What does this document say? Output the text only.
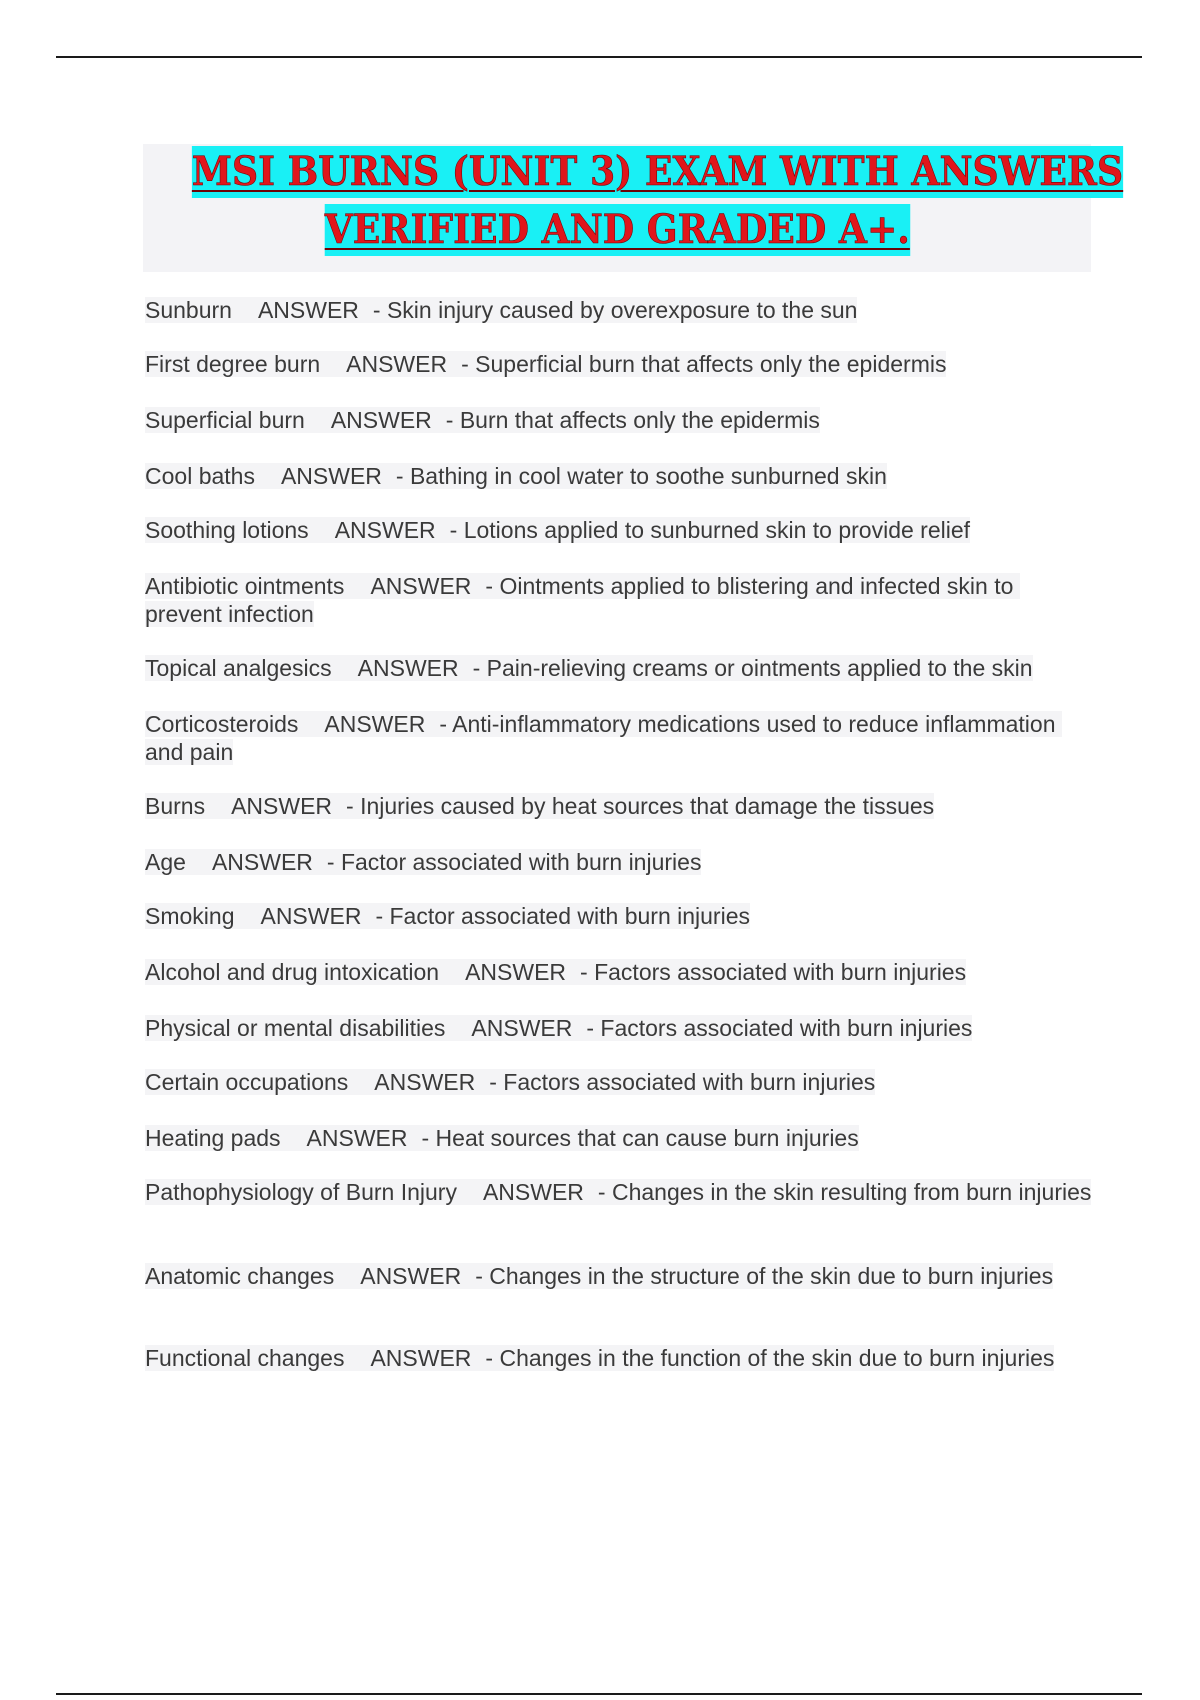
MSI BURNS (UNIT 3) EXAM WITH ANSWERS
VERIFIED AND GRADED A+.
Sunburn ANSWER - Skin injury caused by overexposure to the sun
First degree burn ANSWER - Superficial burn that affects only the epidermis
Superficial burn ANSWER - Burn that affects only the epidermis
Cool baths ANSWER - Bathing in cool water to soothe sunburned skin
Soothing lotions ANSWER - Lotions applied to sunburned skin to provide relief
Antibiotic ointments ANSWER - Ointments applied to blistering and infected skin to prevent infection
Topical analgesics ANSWER - Pain-relieving creams or ointments applied to the skin
Corticosteroids ANSWER - Anti-inflammatory medications used to reduce inflammation and pain
Burns ANSWER - Injuries caused by heat sources that damage the tissues
Age ANSWER - Factor associated with burn injuries
Smoking ANSWER - Factor associated with burn injuries
Alcohol and drug intoxication ANSWER - Factors associated with burn injuries
Physical or mental disabilities ANSWER - Factors associated with burn injuries
Certain occupations ANSWER - Factors associated with burn injuries
Heating pads ANSWER - Heat sources that can cause burn injuries
Pathophysiology of Burn Injury ANSWER - Changes in the skin resulting from burn injuries
Anatomic changes ANSWER - Changes in the structure of the skin due to burn injuries
Functional changes ANSWER - Changes in the function of the skin due to burn injuries
